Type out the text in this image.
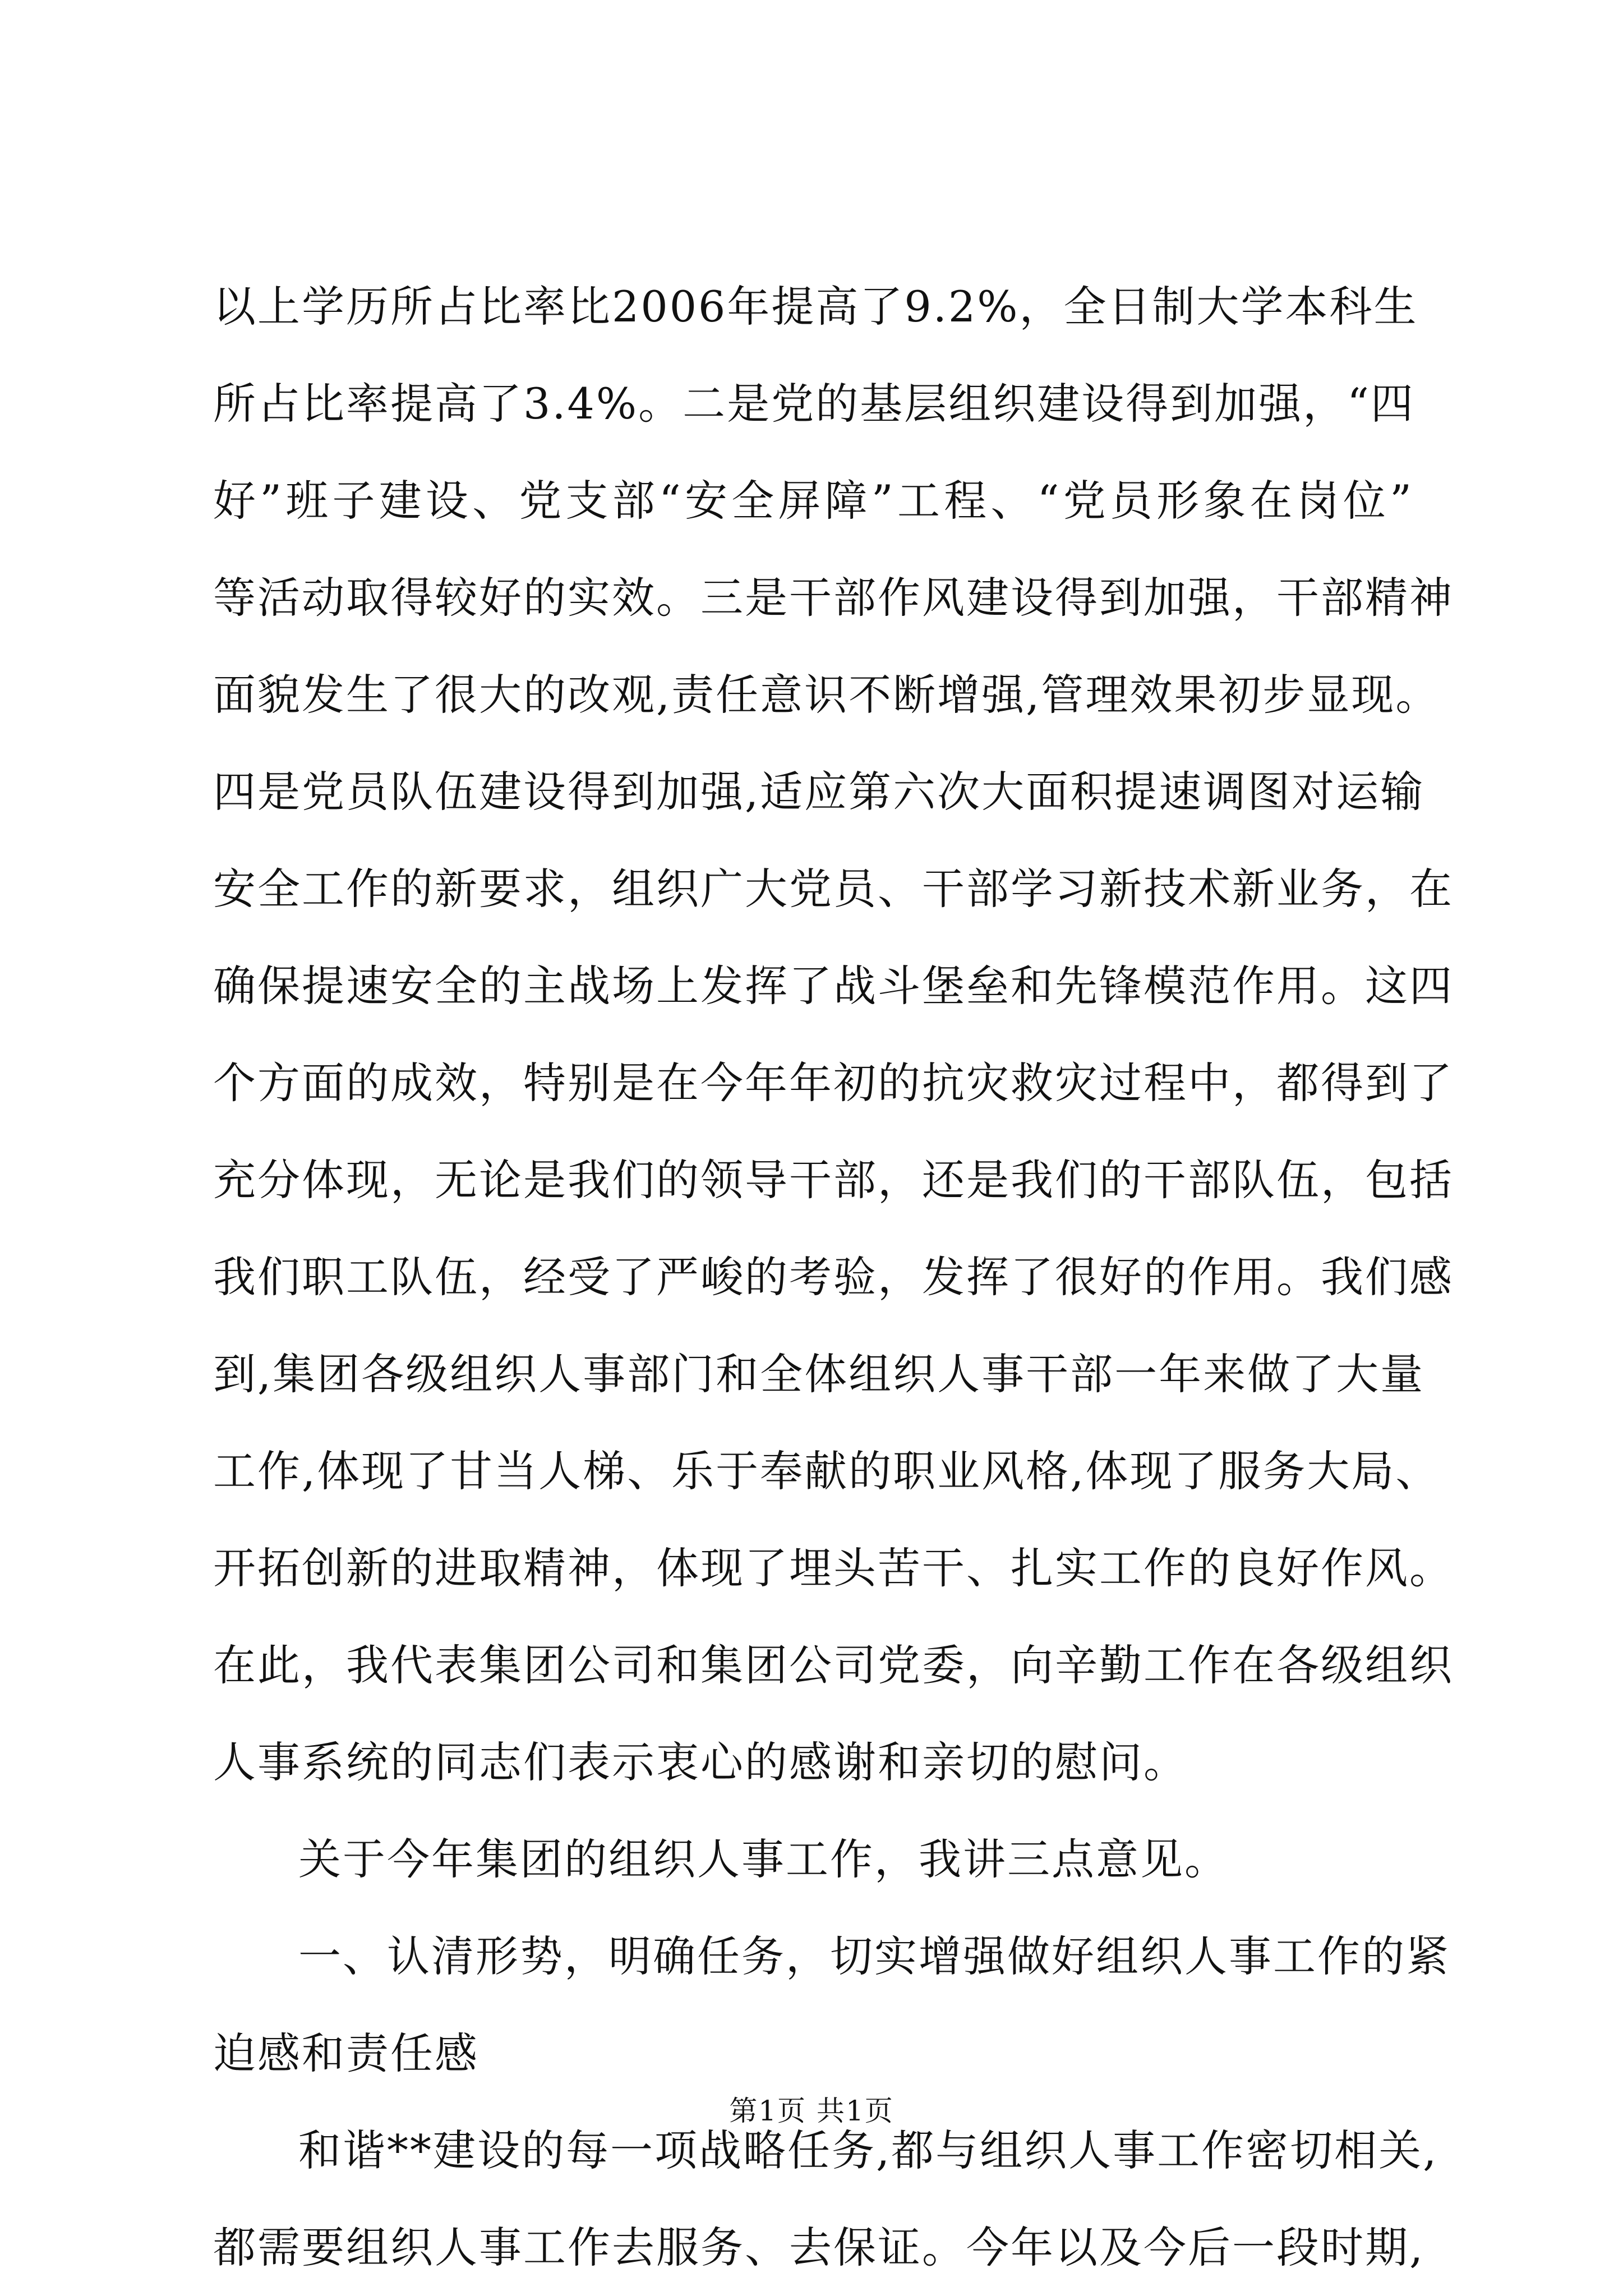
以上学历所占比率比2006年提高了9.2%，全日制大学本科生
所占比率提高了3.4%。二是党的基层组织建设得到加强，“四
好”班子建设、党支部“安全屏障”工程、“党员形象在岗位”
等活动取得较好的实效。三是干部作风建设得到加强，干部精神
面貌发生了很大的改观,责任意识不断增强,管理效果初步显现。
四是党员队伍建设得到加强,适应第六次大面积提速调图对运输
安全工作的新要求，组织广大党员、干部学习新技术新业务，在
确保提速安全的主战场上发挥了战斗堡垒和先锋模范作用。这四
个方面的成效，特别是在今年年初的抗灾救灾过程中，都得到了
充分体现，无论是我们的领导干部，还是我们的干部队伍，包括
我们职工队伍，经受了严峻的考验，发挥了很好的作用。我们感
到,集团各级组织人事部门和全体组织人事干部一年来做了大量
工作,体现了甘当人梯、乐于奉献的职业风格,体现了服务大局、
开拓创新的进取精神，体现了埋头苦干、扎实工作的良好作风。
在此，我代表集团公司和集团公司党委，向辛勤工作在各级组织
人事系统的同志们表示衷心的感谢和亲切的慰问。
关于今年集团的组织人事工作，我讲三点意见。
一、认清形势，明确任务，切实增强做好组织人事工作的紧
迫感和责任感
和谐**建设的每一项战略任务,都与组织人事工作密切相关,
都需要组织人事工作去服务、去保证。今年以及今后一段时期,
第1页 共1页
